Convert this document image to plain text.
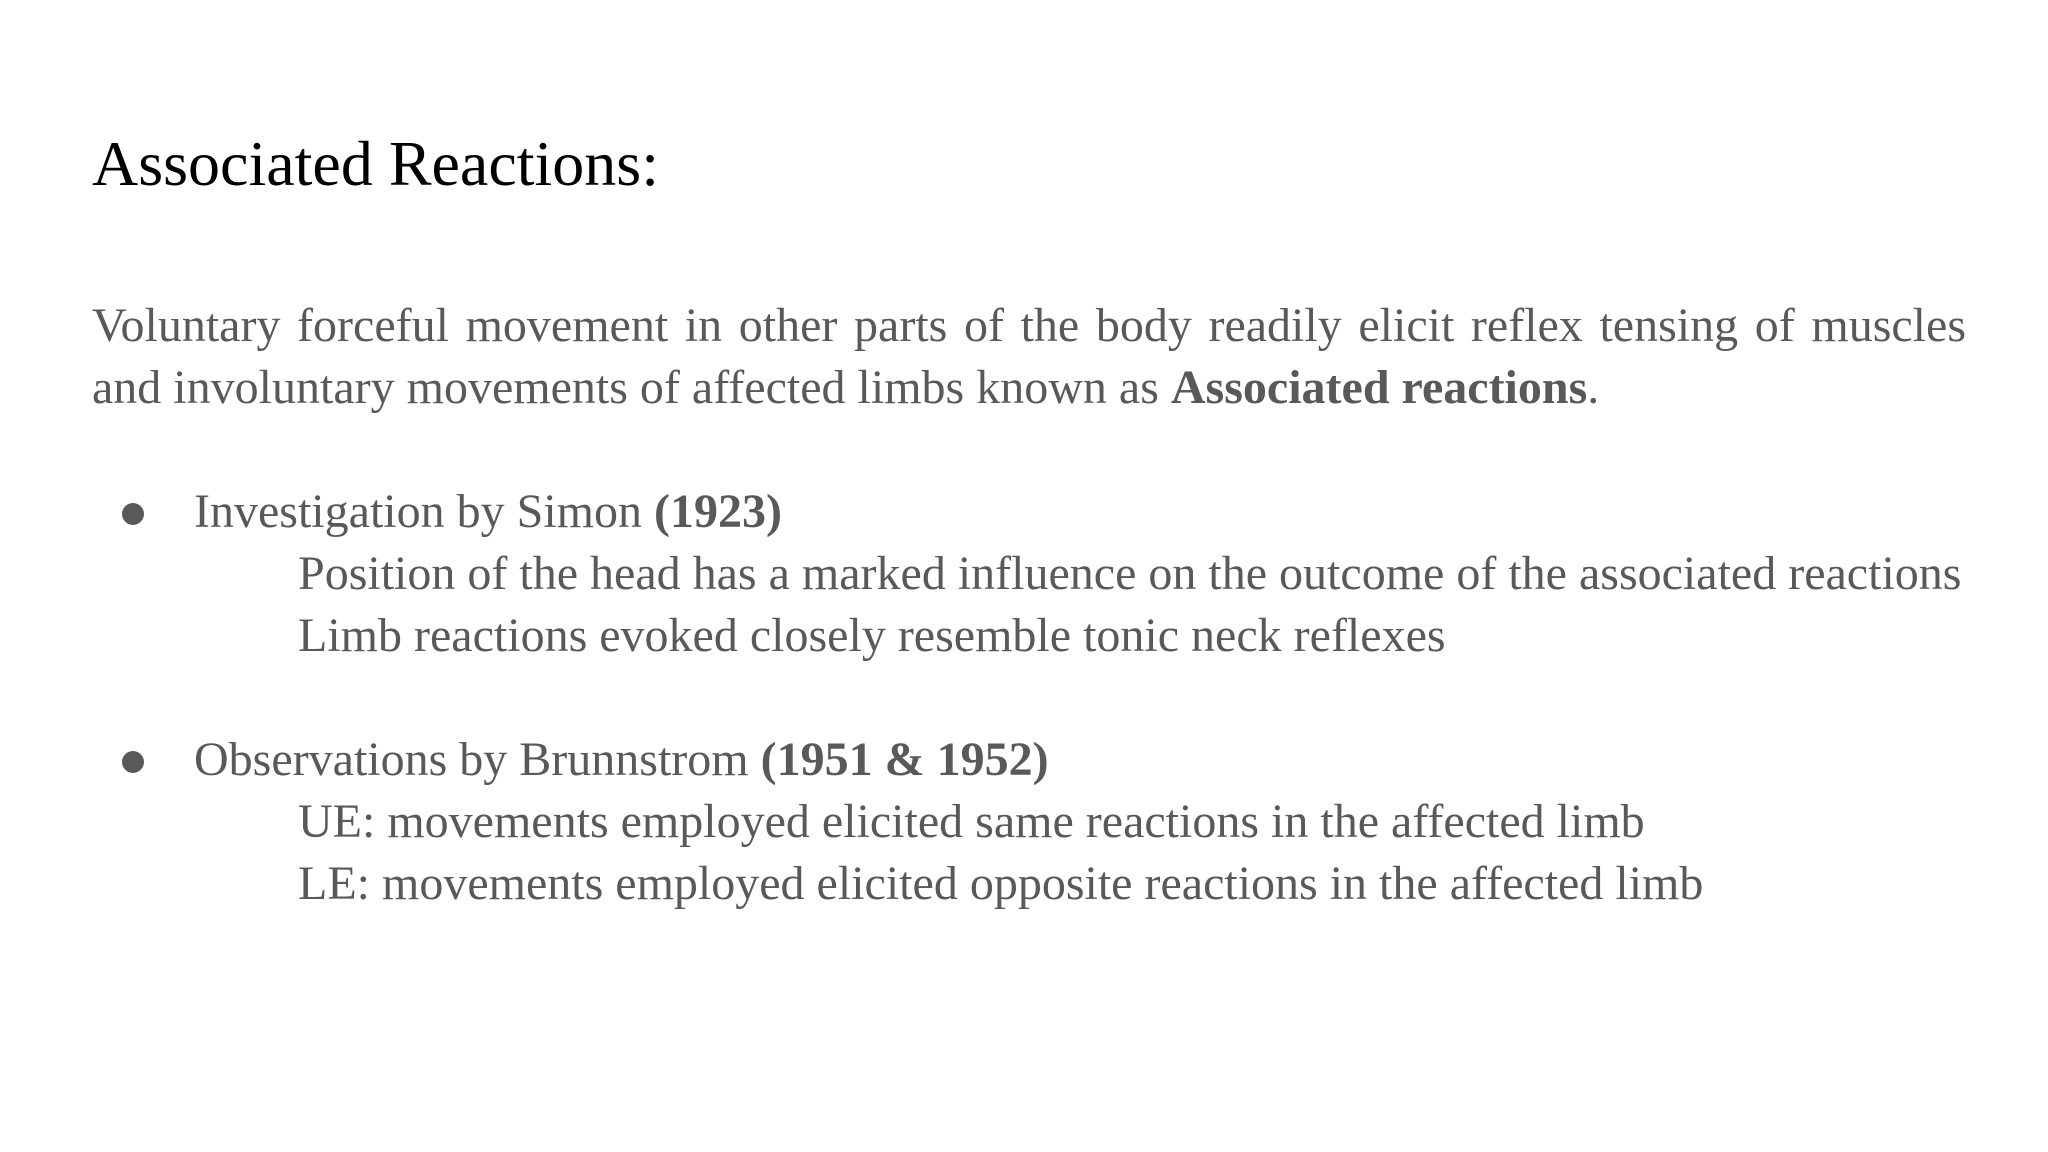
Associated Reactions:

Voluntary forceful movement in other parts of the body readily elicit reflex tensing of muscles and involuntary movements of affected limbs known as Associated reactions.

Investigation by Simon (1923)

Position of the head has a marked influence on the outcome of the associated reactions

Limb reactions evoked closely resemble tonic neck reflexes

Observations by Brunnstrom (1951 & 1952)

UE: movements employed elicited same reactions in the affected limb

LE: movements employed elicited opposite reactions in the affected limb
